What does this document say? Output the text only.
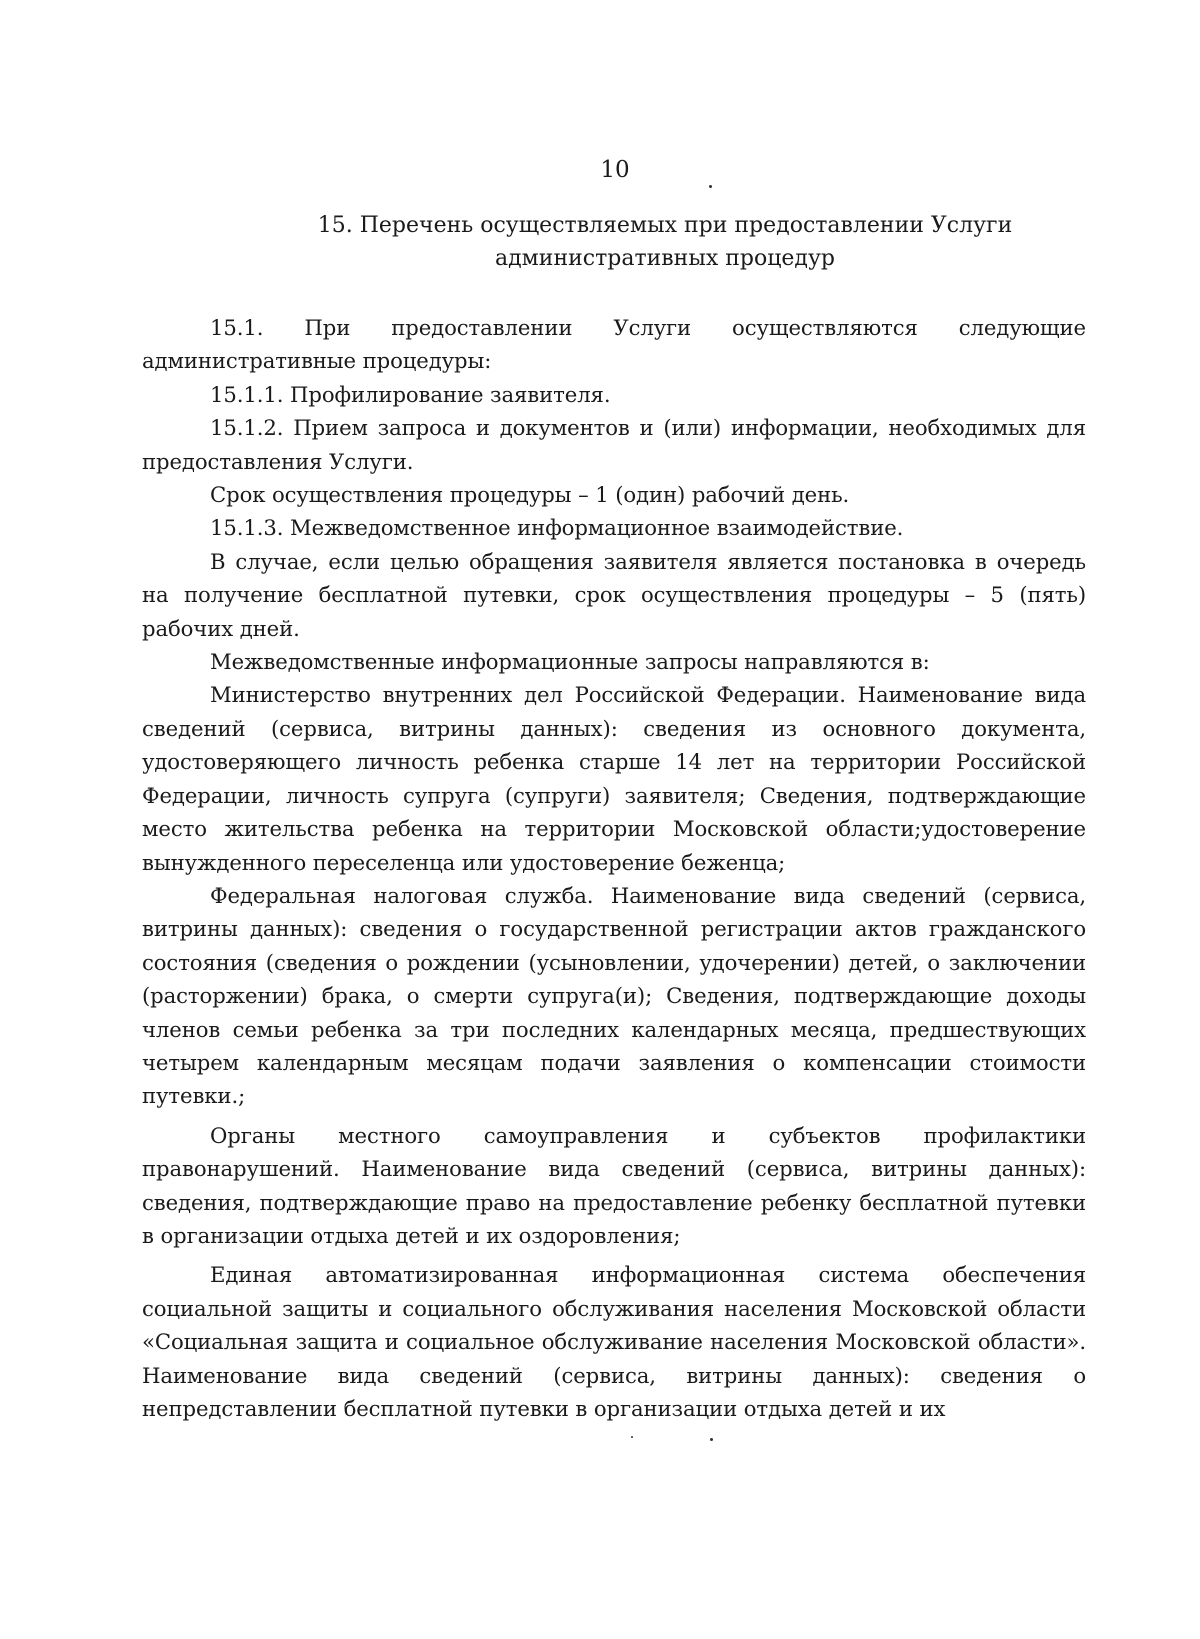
10
15. Перечень осуществляемых при предоставлении Услуги
административных процедур

15.1. При предоставлении Услуги осуществляются следующие административные процедуры:

15.1.1. Профилирование заявителя.

15.1.2. Прием запроса и документов и (или) информации, необходимых для предоставления Услуги.

Срок осуществления процедуры – 1 (один) рабочий день.

15.1.3. Межведомственное информационное взаимодействие.

В случае, если целью обращения заявителя является постановка в очередь на получение бесплатной путевки, срок осуществления процедуры – 5 (пять) рабочих дней.

Межведомственные информационные запросы направляются в:

Министерство внутренних дел Российской Федерации. Наименование вида сведений (сервиса, витрины данных): сведения из основного документа, удостоверяющего личность ребенка старше 14 лет на территории Российской Федерации, личность супруга (супруги) заявителя; Сведения, подтверждающие место жительства ребенка на территории Московской области;удостоверение вынужденного переселенца или удостоверение беженца;

Федеральная налоговая служба. Наименование вида сведений (сервиса, витрины данных): сведения о государственной регистрации актов гражданского состояния (сведения о рождении (усыновлении, удочерении) детей, о заключении (расторжении) брака, о смерти супруга(и); Сведения, подтверждающие доходы членов семьи ребенка за три последних календарных месяца, предшествующих четырем календарным месяцам подачи заявления о компенсации стоимости путевки.;

Органы местного самоуправления и субъектов профилактики правонарушений. Наименование вида сведений (сервиса, витрины данных): сведения, подтверждающие право на предоставление ребенку бесплатной путевки в организации отдыха детей и их оздоровления;

Единая автоматизированная информационная система обеспечения социальной защиты и социального обслуживания населения Московской области «Социальная защита и социальное обслуживание населения Московской области». Наименование вида сведений (сервиса, витрины данных): сведения о непредставлении бесплатной путевки в организации отдыха детей и их
